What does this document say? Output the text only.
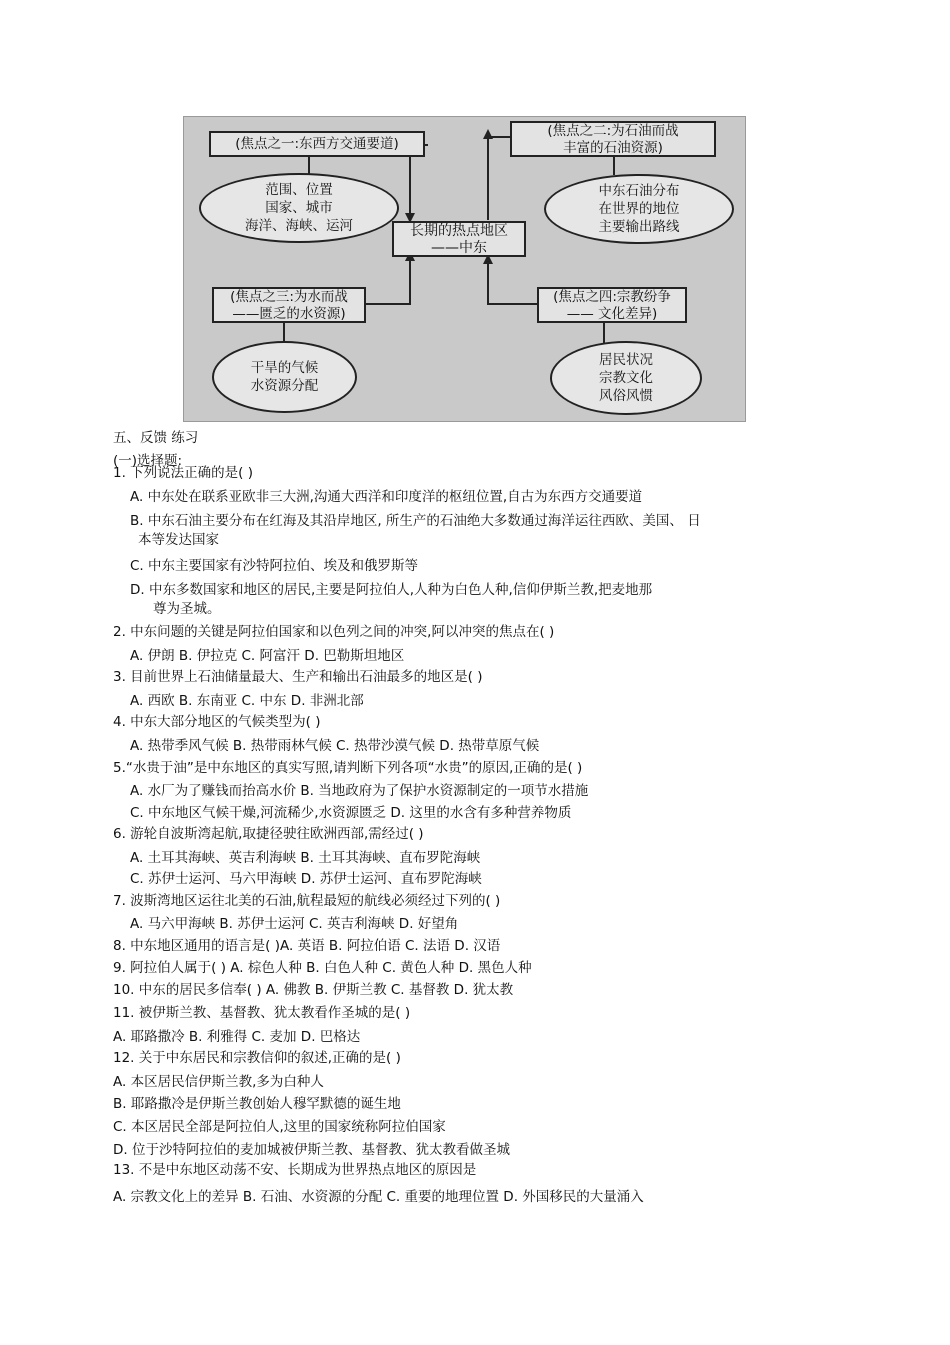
(焦点之一:东西方交通要道)
(焦点之二:为石油而战
丰富的石油资源)
范围、位置
国家、城市
海洋、海峡、运河
中东石油分布
在世界的地位
主要输出路线
长期的热点地区
——中东
(焦点之三:为水而战
——匮乏的水资源)
(焦点之四:宗教纷争
—— 文化差异)
干旱的气候
水资源分配
居民状况
宗教文化
风俗风惯
五、反馈 练习
(一)选择题:
1. 下列说法正确的是( )
A. 中东处在联系亚欧非三大洲,沟通大西洋和印度洋的枢纽位置,自古为东西方交通要道
B. 中东石油主要分布在红海及其沿岸地区, 所生产的石油绝大多数通过海洋运往西欧、美国、 日
本等发达国家
C. 中东主要国家有沙特阿拉伯、埃及和俄罗斯等
D. 中东多数国家和地区的居民,主要是阿拉伯人,人种为白色人种,信仰伊斯兰教,把麦地那
尊为圣城。
2. 中东问题的关键是阿拉伯国家和以色列之间的冲突,阿以冲突的焦点在( )
A. 伊朗 B. 伊拉克 C. 阿富汗 D. 巴勒斯坦地区
3. 目前世界上石油储量最大、生产和输出石油最多的地区是( )
A. 西欧 B. 东南亚 C. 中东 D. 非洲北部
4. 中东大部分地区的气候类型为( )
A. 热带季风气候 B. 热带雨林气候 C. 热带沙漠气候 D. 热带草原气候
5.“水贵于油”是中东地区的真实写照,请判断下列各项“水贵”的原因,正确的是( )
A. 水厂为了赚钱而抬高水价 B. 当地政府为了保护水资源制定的一项节水措施
C. 中东地区气候干燥,河流稀少,水资源匮乏 D. 这里的水含有多种营养物质
6. 游轮自波斯湾起航,取捷径驶往欧洲西部,需经过( )
A. 土耳其海峡、英吉利海峡 B. 土耳其海峡、直布罗陀海峡
C. 苏伊士运河、马六甲海峡 D. 苏伊士运河、直布罗陀海峡
7. 波斯湾地区运往北美的石油,航程最短的航线必须经过下列的( )
A. 马六甲海峡 B. 苏伊士运河 C. 英吉利海峡 D. 好望角
8. 中东地区通用的语言是( )A. 英语 B. 阿拉伯语 C. 法语 D. 汉语
9. 阿拉伯人属于( ) A. 棕色人种 B. 白色人种 C. 黄色人种 D. 黑色人种
10. 中东的居民多信奉( ) A. 佛教 B. 伊斯兰教 C. 基督教 D. 犹太教
11. 被伊斯兰教、基督教、犹太教看作圣城的是( )
A. 耶路撒冷 B. 利雅得 C. 麦加 D. 巴格达
12. 关于中东居民和宗教信仰的叙述,正确的是( )
A. 本区居民信伊斯兰教,多为白种人
B. 耶路撒冷是伊斯兰教创始人穆罕默德的诞生地
C. 本区居民全部是阿拉伯人,这里的国家统称阿拉伯国家
D. 位于沙特阿拉伯的麦加城被伊斯兰教、基督教、犹太教看做圣城
13. 不是中东地区动荡不安、长期成为世界热点地区的原因是
A. 宗教文化上的差异 B. 石油、水资源的分配 C. 重要的地理位置 D. 外国移民的大量涌入
